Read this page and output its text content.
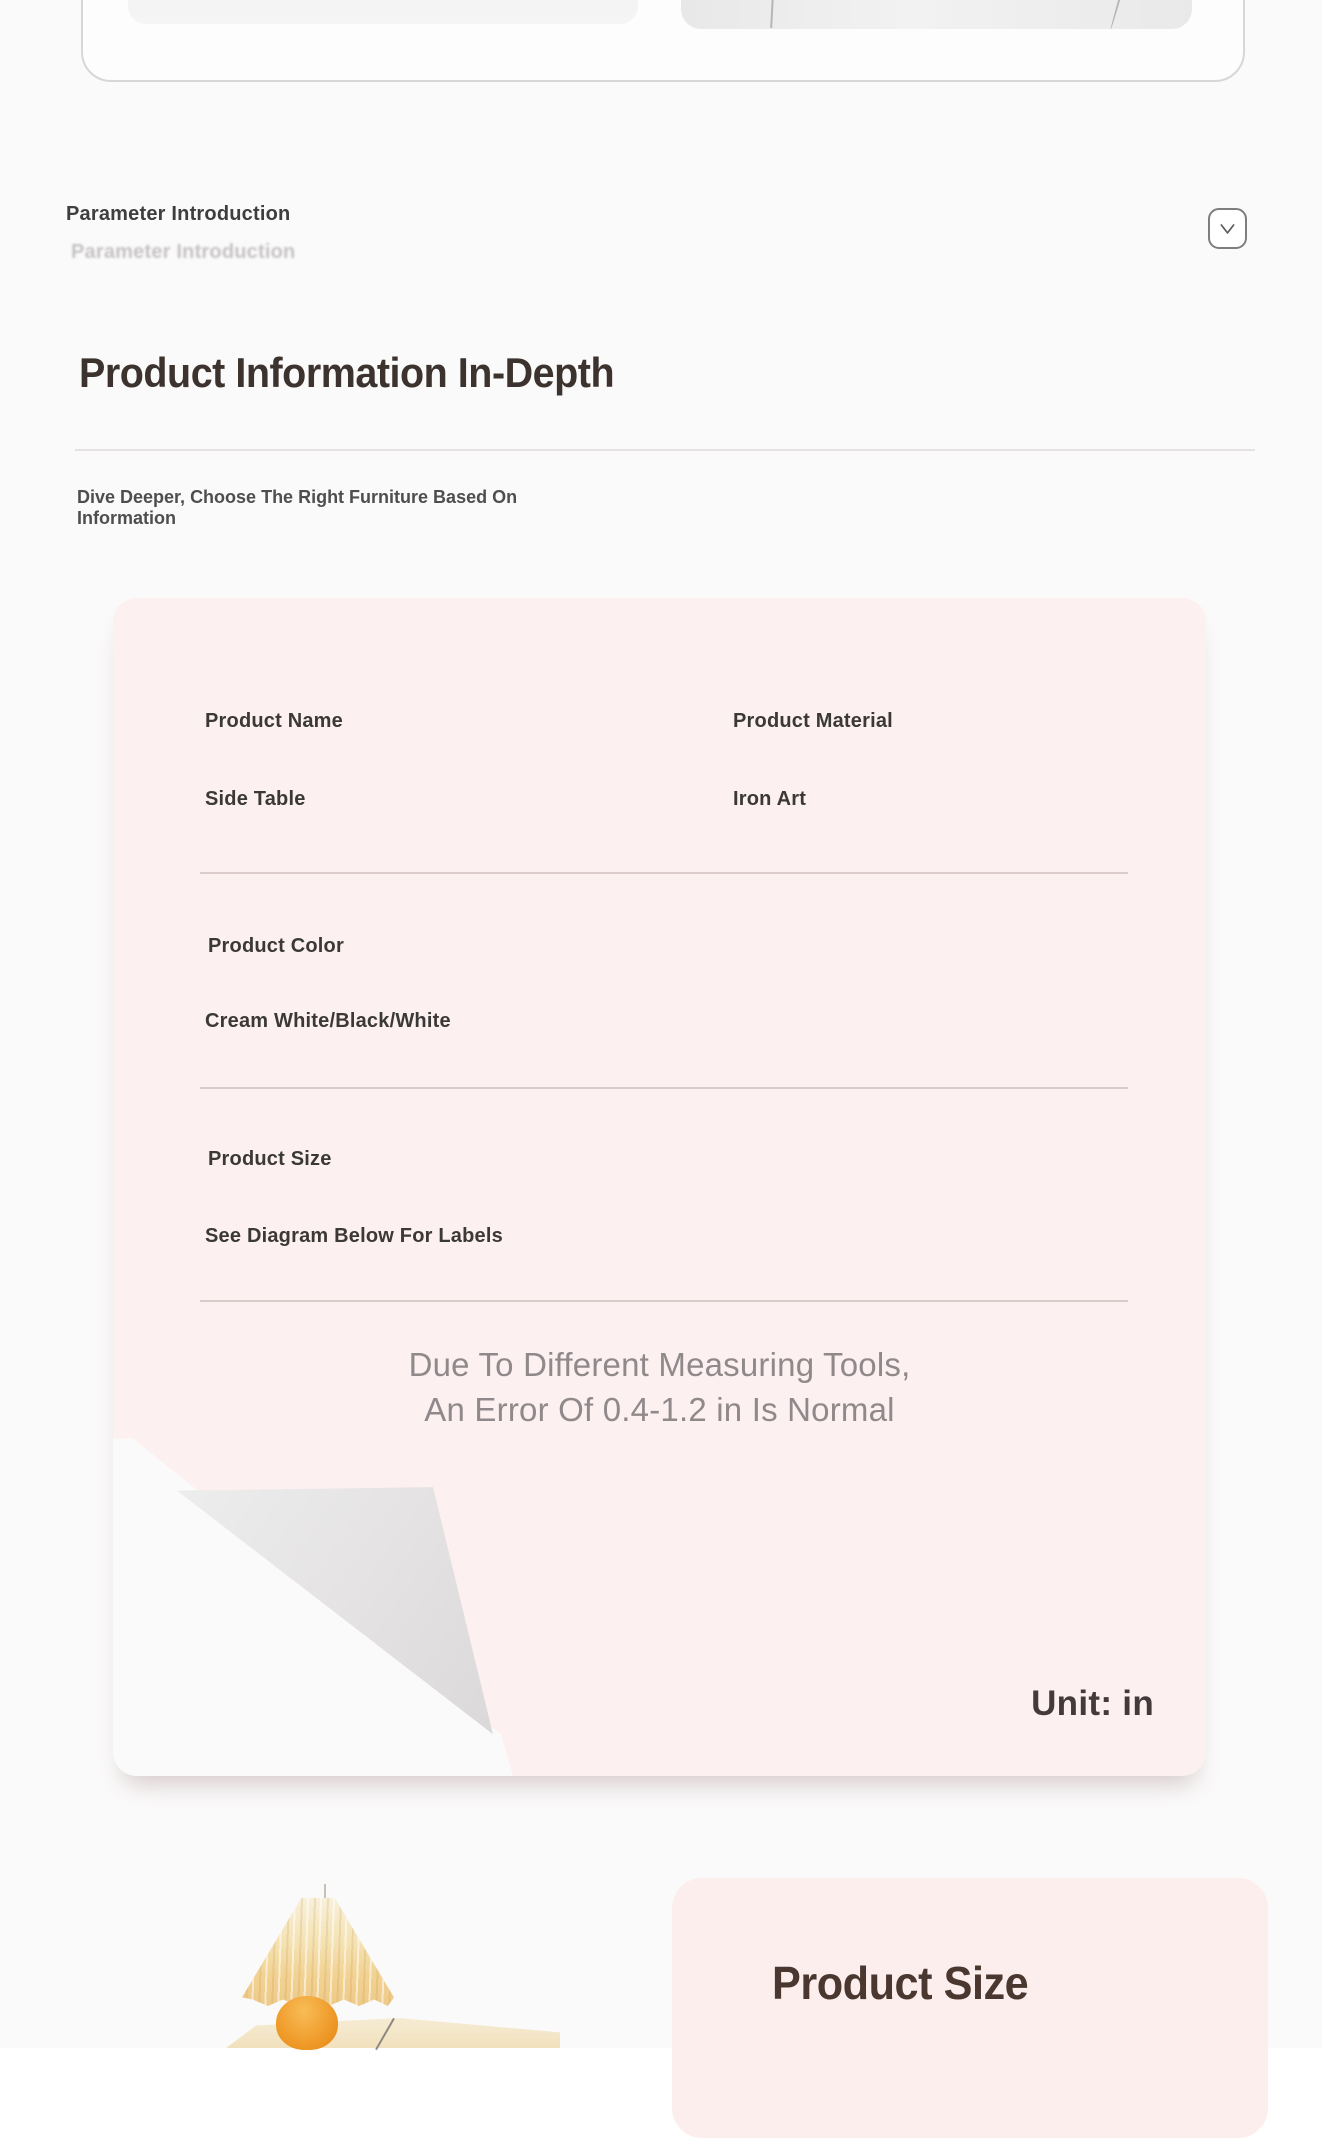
Parameter Introduction
Parameter Introduction
Product Information In-Depth
Dive Deeper, Choose The Right Furniture Based On Information
Product Name	Product Material
Side Table	Iron Art
Product Color
Cream White/Black/White
Product Size
See Diagram Below For Labels
Due To Different Measuring Tools,
An Error Of 0.4-1.2 in Is Normal
Unit: in
Product Size
